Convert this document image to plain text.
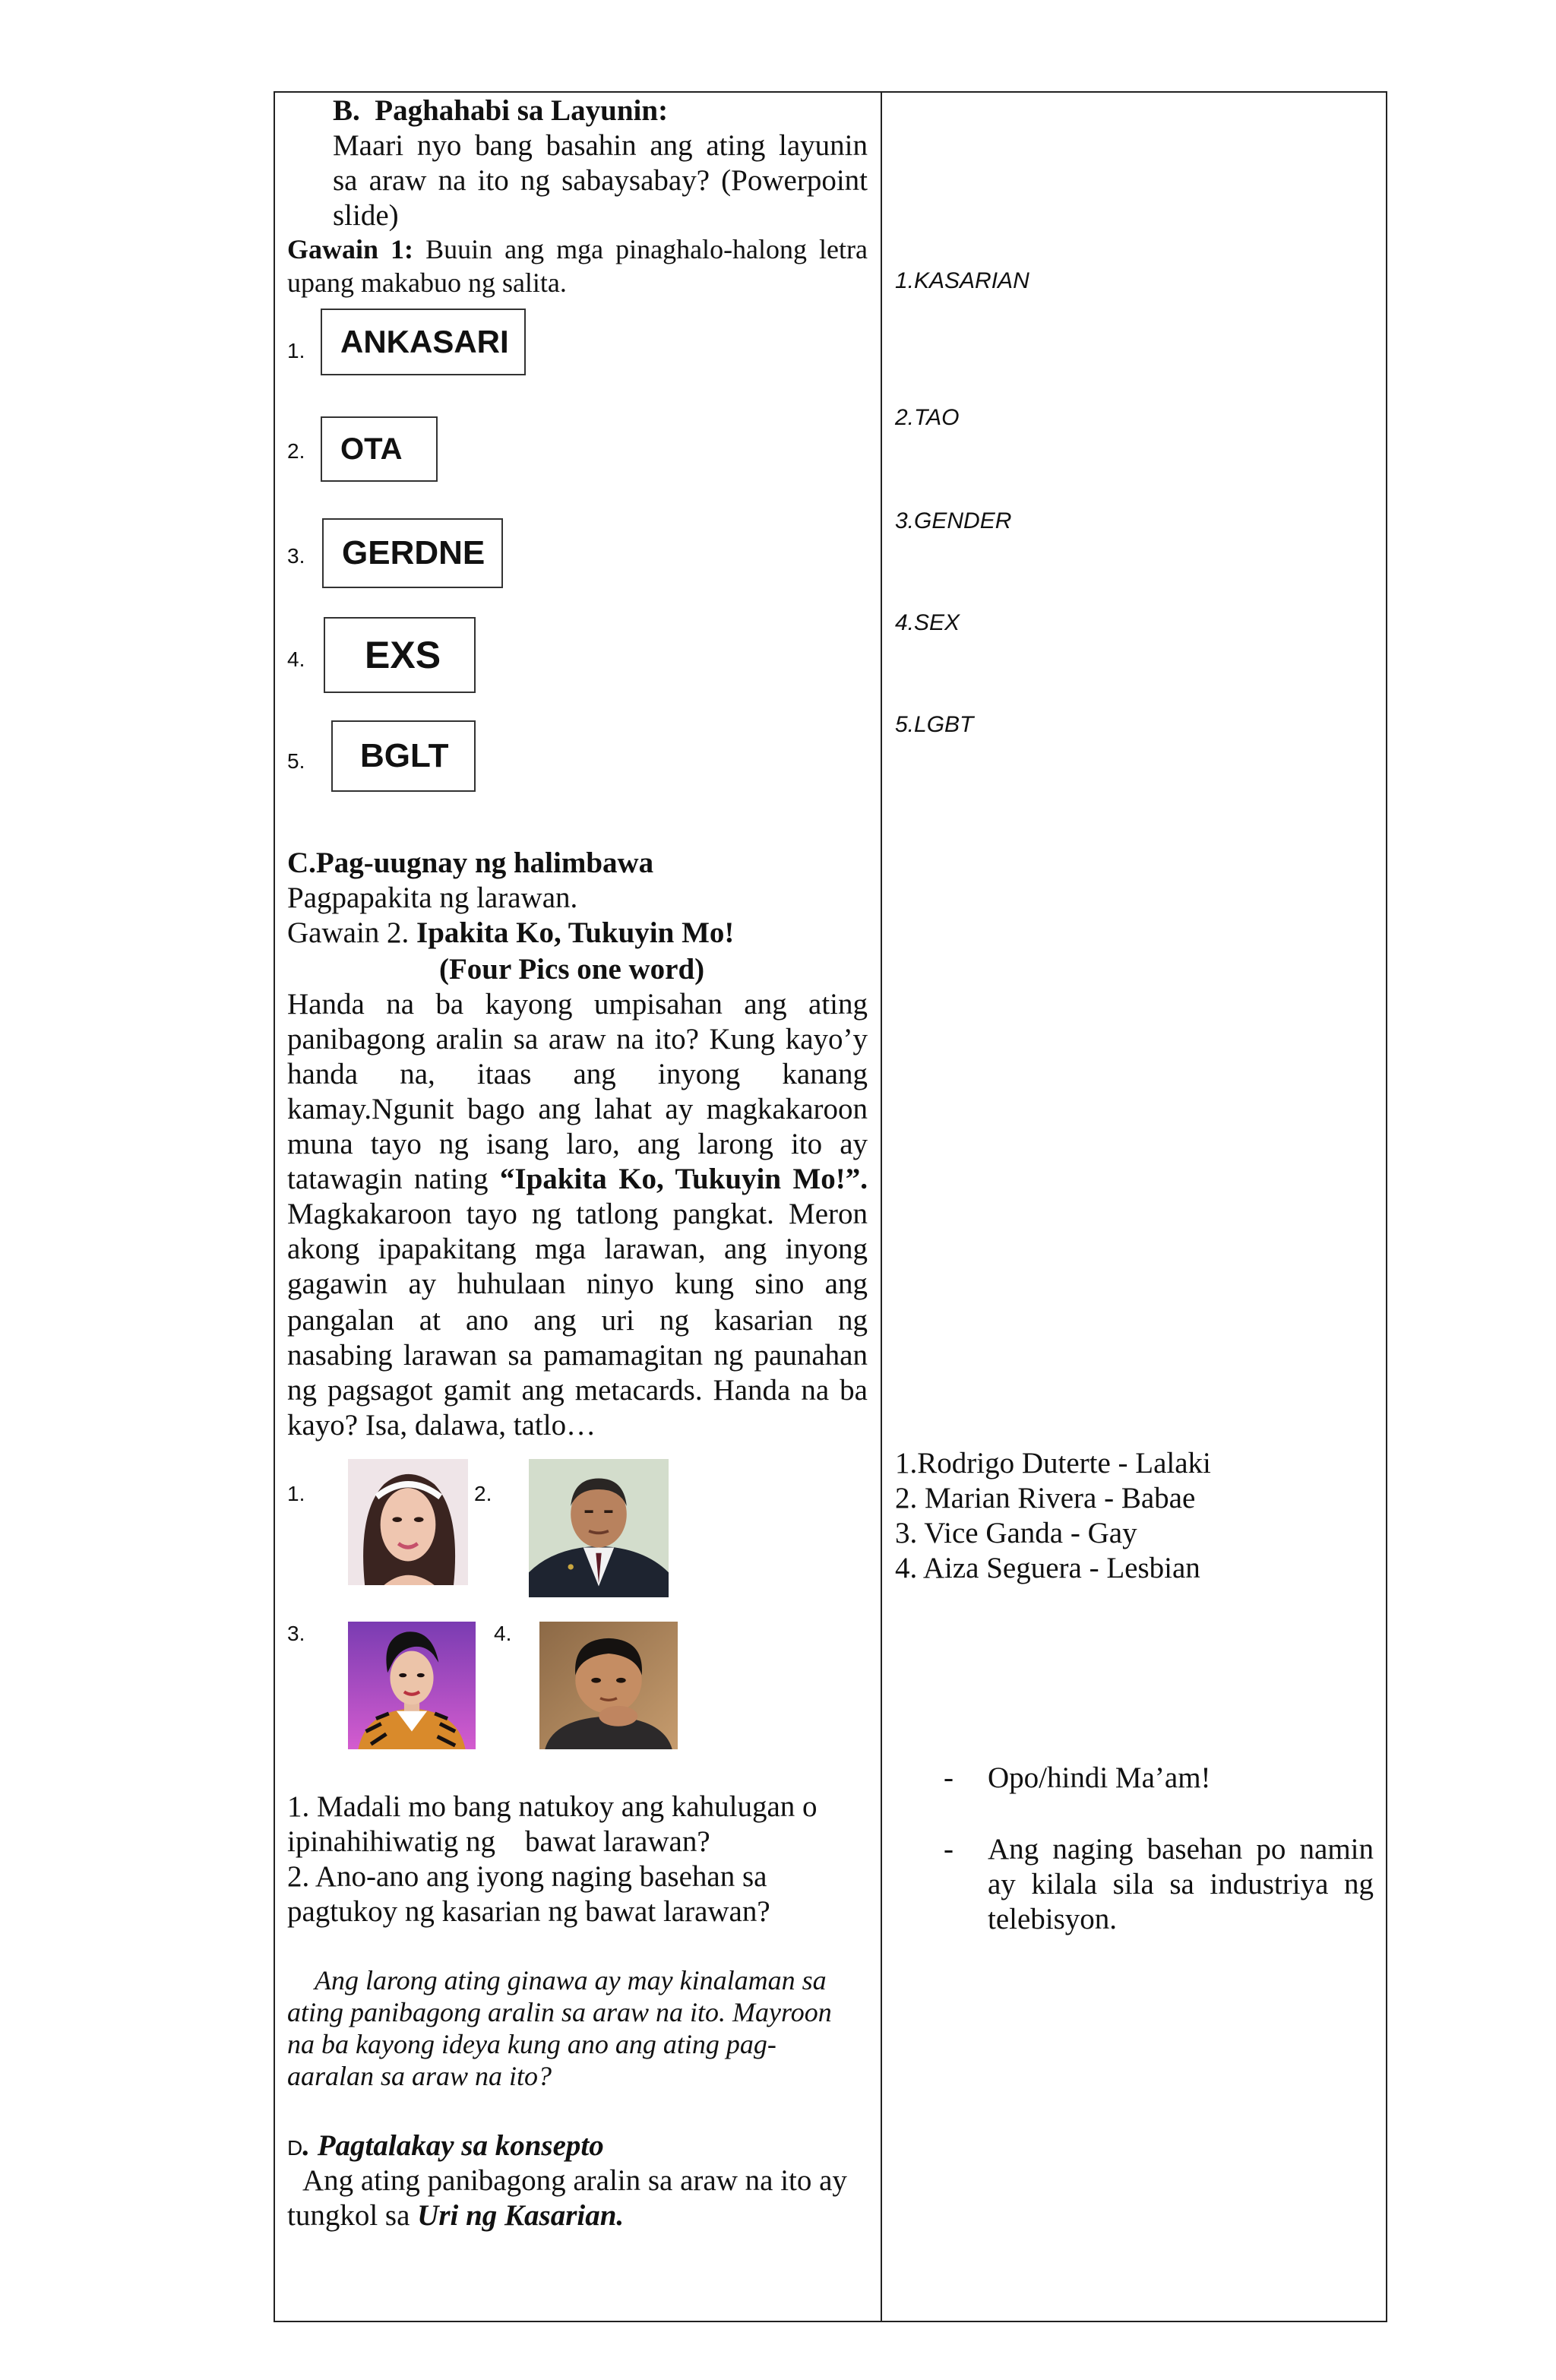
B.  Paghahabi sa Layunin:
Maari nyo bang basahin ang ating layunin
sa araw na ito ng sabaysabay? (Powerpoint
slide)
Gawain 1: Buuin ang mga pinaghalo-halong letra
upang makabuo ng salita.
1. ANKASARI
2. OTA
3. GERDNE
4. EXS
5. BGLT
1.KASARIAN
2.TAO
3.GENDER
4.SEX
5.LGBT
C.Pag-uugnay ng halimbawa
Pagpapakita ng larawan.
Gawain 2. Ipakita Ko, Tukuyin Mo!
(Four Pics one word)
Handa na ba kayong umpisahan ang ating
panibagong aralin sa araw na ito? Kung kayo’y
handa na, itaas ang inyong kanang
kamay.Ngunit bago ang lahat ay magkakaroon
muna tayo ng isang laro, ang larong ito ay
tatawagin nating “Ipakita Ko, Tukuyin Mo!”.
Magkakaroon tayo ng tatlong pangkat. Meron
akong ipapakitang mga larawan, ang inyong
gagawin ay huhulaan ninyo kung sino ang
pangalan at ano ang uri ng kasarian ng
nasabing larawan sa pamamagitan ng paunahan
ng pagsagot gamit ang metacards. Handa na ba
kayo? Isa, dalawa, tatlo…
1.	2.
3.	4.
1.Rodrigo Duterte - Lalaki
2. Marian Rivera - Babae
3. Vice Ganda - Gay
4. Aiza Seguera - Lesbian
1. Madali mo bang natukoy ang kahulugan o
ipinahihiwatig ng    bawat larawan?
2. Ano-ano ang iyong naging basehan sa
pagtukoy ng kasarian ng bawat larawan?
- Opo/hindi Ma’am!
- Ang naging basehan po namin
ay kilala sila sa industriya ng
telebisyon.
Ang larong ating ginawa ay may kinalaman sa
ating panibagong aralin sa araw na ito. Mayroon
na ba kayong ideya kung ano ang ating pag-
aaralan sa araw na ito?
D. Pagtalakay sa konsepto
Ang ating panibagong aralin sa araw na ito ay
tungkol sa Uri ng Kasarian.
